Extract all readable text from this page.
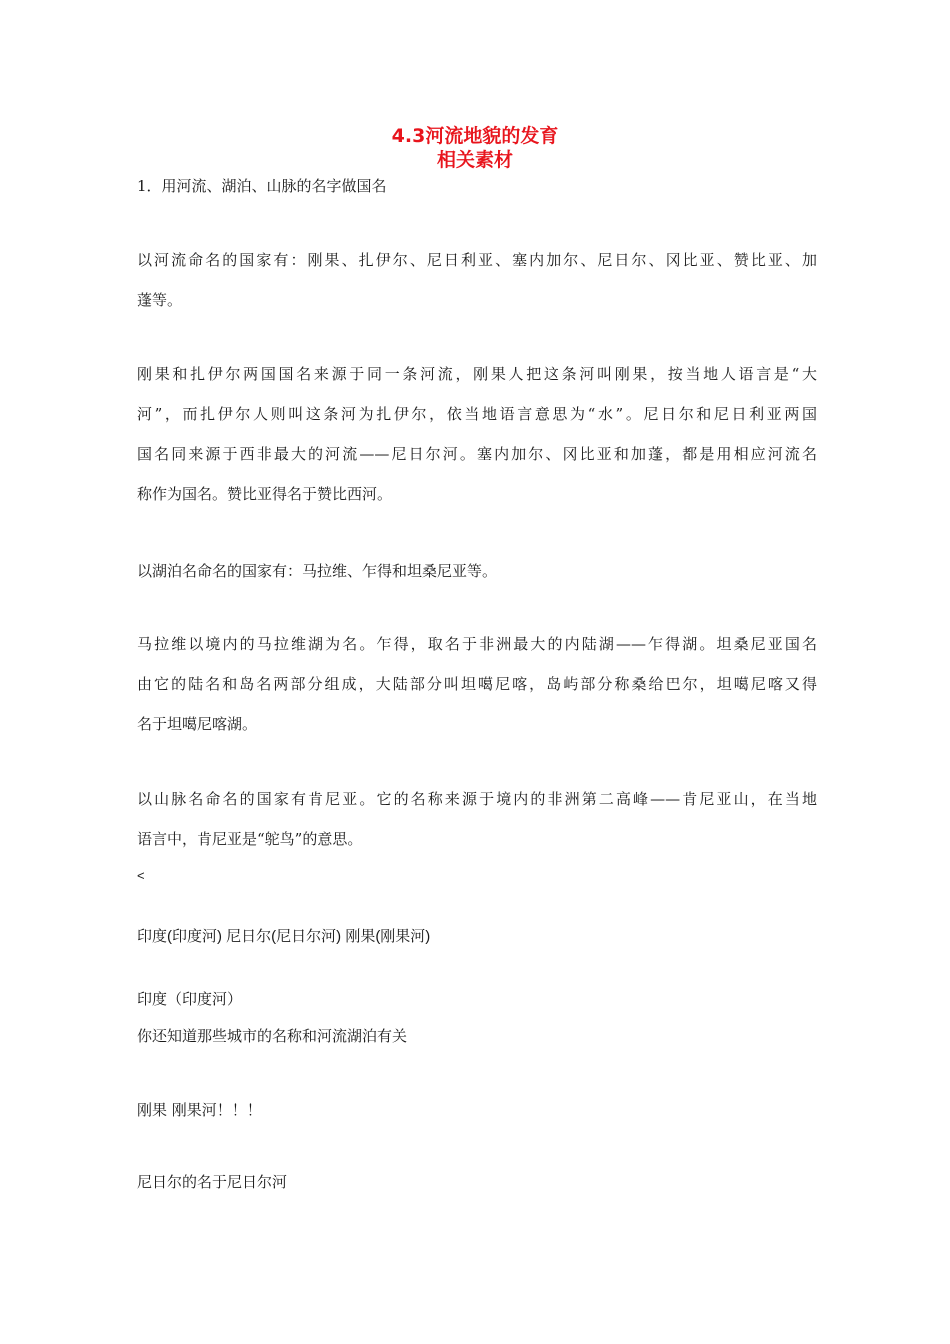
4.3河流地貌的发育
相关素材
1．用河流、湖泊、山脉的名字做国名
以河流命名的国家有：刚果、扎伊尔、尼日利亚、塞内加尔、尼日尔、冈比亚、赞比亚、加
蓬等。
刚果和扎伊尔两国国名来源于同一条河流，刚果人把这条河叫刚果，按当地人语言是“大
河”，而扎伊尔人则叫这条河为扎伊尔，依当地语言意思为“水”。尼日尔和尼日利亚两国
国名同来源于西非最大的河流——尼日尔河。塞内加尔、冈比亚和加蓬，都是用相应河流名
称作为国名。赞比亚得名于赞比西河。
以湖泊名命名的国家有：马拉维、乍得和坦桑尼亚等。
马拉维以境内的马拉维湖为名。乍得，取名于非洲最大的内陆湖——乍得湖。坦桑尼亚国名
由它的陆名和岛名两部分组成，大陆部分叫坦噶尼喀，岛屿部分称桑给巴尔，坦噶尼喀又得
名于坦噶尼喀湖。
以山脉名命名的国家有肯尼亚。它的名称来源于境内的非洲第二高峰——肯尼亚山，在当地
语言中，肯尼亚是“鸵鸟”的意思。
<
印度(印度河) 尼日尔(尼日尔河) 刚果(刚果河)
印度（印度河）
你还知道那些城市的名称和河流湖泊有关
刚果 刚果河！！！
尼日尔的名于尼日尔河
